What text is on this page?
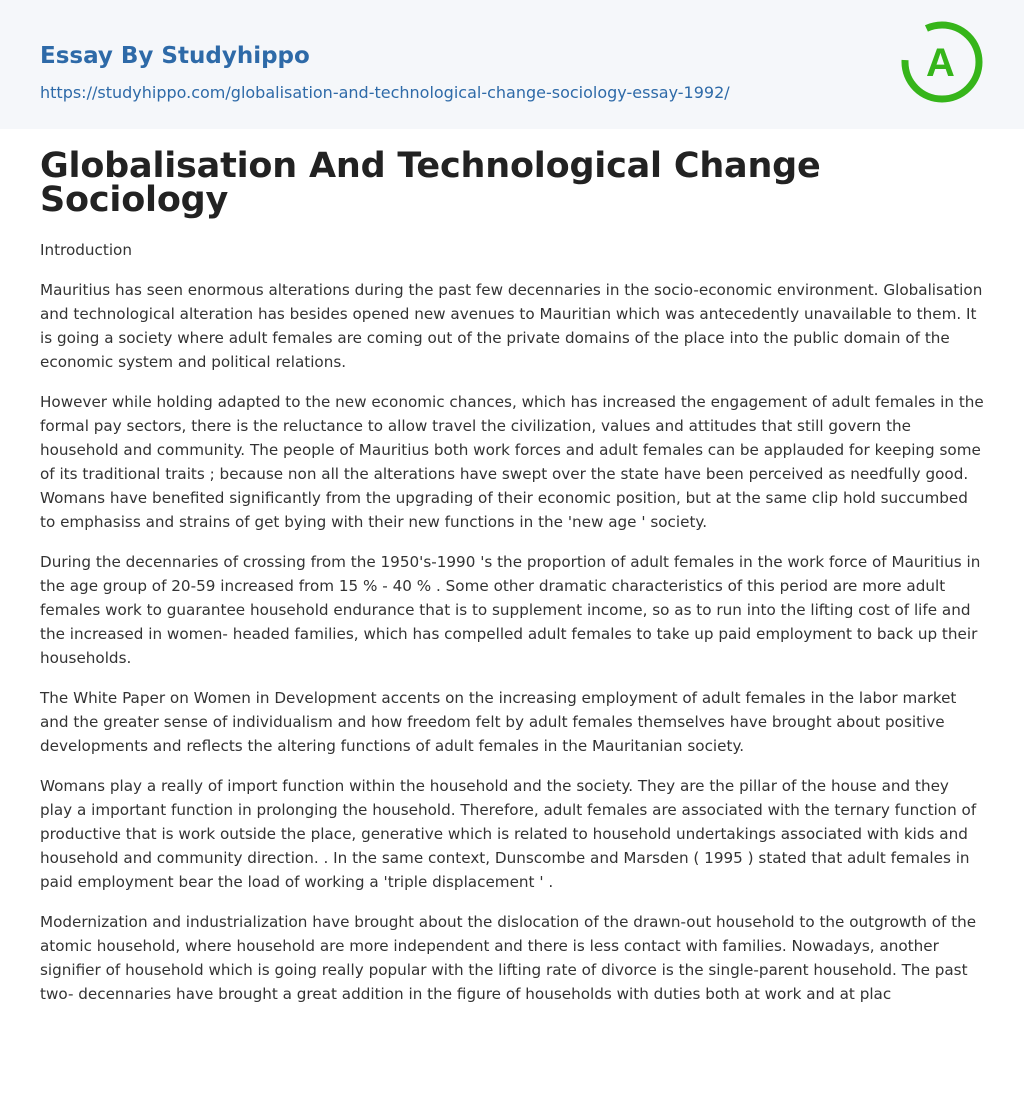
Essay By Studyhippo
https://studyhippo.com/globalisation-and-technological-change-sociology-essay-1992/
A
Globalisation And Technological Change Sociology

Introduction

Mauritius has seen enormous alterations during the past few decennaries in the socio-economic environment. Globalisation and technological alteration has besides opened new avenues to Mauritian which was antecedently unavailable to them. It is going a society where adult females are coming out of the private domains of the place into the public domain of the economic system and political relations.

However while holding adapted to the new economic chances, which has increased the engagement of adult females in the formal pay sectors, there is the reluctance to allow travel the civilization, values and attitudes that still govern the household and community. The people of Mauritius both work forces and adult females can be applauded for keeping some of its traditional traits ; because non all the alterations have swept over the state have been perceived as needfully good. Womans have benefited significantly from the upgrading of their economic position, but at the same clip hold succumbed to emphasiss and strains of get bying with their new functions in the 'new age ' society.

During the decennaries of crossing from the 1950's-1990 's the proportion of adult females in the work force of Mauritius in the age group of 20-59 increased from 15 % - 40 % . Some other dramatic characteristics of this period are more adult females work to guarantee household endurance that is to supplement income, so as to run into the lifting cost of life and the increased in women- headed families, which has compelled adult females to take up paid employment to back up their households.

The White Paper on Women in Development accents on the increasing employment of adult females in the labor market and the greater sense of individualism and how freedom felt by adult females themselves have brought about positive developments and reflects the altering functions of adult females in the Mauritanian society.

Womans play a really of import function within the household and the society. They are the pillar of the house and they play a important function in prolonging the household. Therefore, adult females are associated with the ternary function of productive that is work outside the place, generative which is related to household undertakings associated with kids and household and community direction. . In the same context, Dunscombe and Marsden ( 1995 ) stated that adult females in paid employment bear the load of working a 'triple displacement ' .

Modernization and industrialization have brought about the dislocation of the drawn-out household to the outgrowth of the atomic household, where household are more independent and there is less contact with families. Nowadays, another signifier of household which is going really popular with the lifting rate of divorce is the single-parent household. The past two- decennaries have brought a great addition in the figure of households with duties both at work and at plac
